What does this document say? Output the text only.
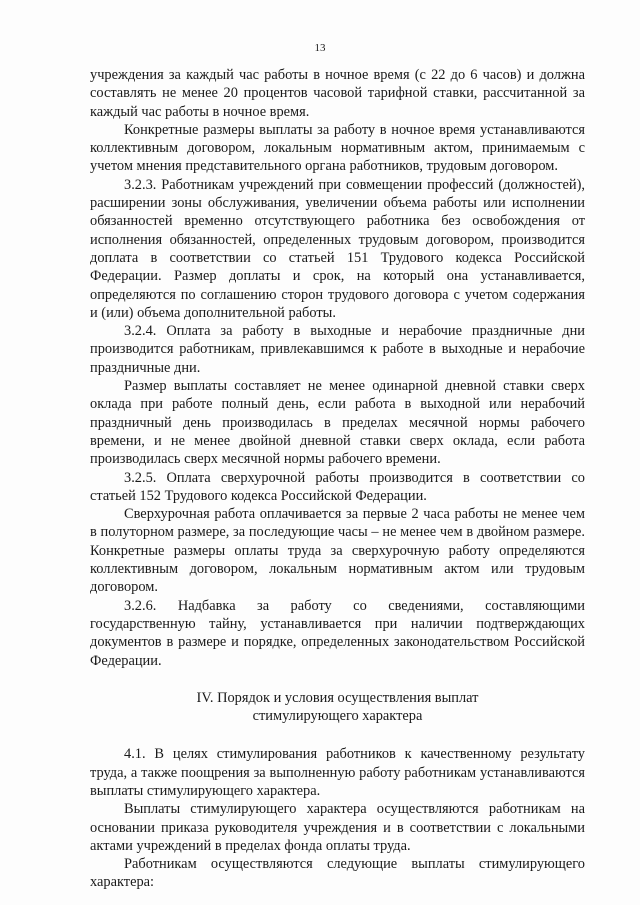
13

учреждения за каждый час работы в ночное время (с 22 до 6 часов) и должна составлять не менее 20 процентов часовой тарифной ставки, рассчитанной за каждый час работы в ночное время.

Конкретные размеры выплаты за работу в ночное время устанавливаются коллективным договором, локальным нормативным актом, принимаемым с учетом мнения представительного органа работников, трудовым договором.

3.2.3. Работникам учреждений при совмещении профессий (должностей), расширении зоны обслуживания, увеличении объема работы или исполнении обязанностей временно отсутствующего работника без освобождения от исполнения обязанностей, определенных трудовым договором, производится доплата в соответствии со статьей 151 Трудового кодекса Российской Федерации. Размер доплаты и срок, на который она устанавливается, определяются по соглашению сторон трудового договора с учетом содержания и (или) объема дополнительной работы.

3.2.4. Оплата за работу в выходные и нерабочие праздничные дни производится работникам, привлекавшимся к работе в выходные и нерабочие праздничные дни.

Размер выплаты составляет не менее одинарной дневной ставки сверх оклада при работе полный день, если работа в выходной или нерабочий праздничный день производилась в пределах месячной нормы рабочего времени, и не менее двойной дневной ставки сверх оклада, если работа производилась сверх месячной нормы рабочего времени.

3.2.5. Оплата сверхурочной работы производится в соответствии со статьей 152 Трудового кодекса Российской Федерации.

Сверхурочная работа оплачивается за первые 2 часа работы не менее чем в полуторном размере, за последующие часы – не менее чем в двойном размере. Конкретные размеры оплаты труда за сверхурочную работу определяются коллективным договором, локальным нормативным актом или трудовым договором.

3.2.6. Надбавка за работу со сведениями, составляющими государственную тайну, устанавливается при наличии подтверждающих документов в размере и порядке, определенных законодательством Российской Федерации.

IV. Порядок и условия осуществления выплат
стимулирующего характера

4.1. В целях стимулирования работников к качественному результату труда, а также поощрения за выполненную работу работникам устанавливаются выплаты стимулирующего характера.

Выплаты стимулирующего характера осуществляются работникам на основании приказа руководителя учреждения и в соответствии с локальными актами учреждений в пределах фонда оплаты труда.

Работникам осуществляются следующие выплаты стимулирующего характера:
